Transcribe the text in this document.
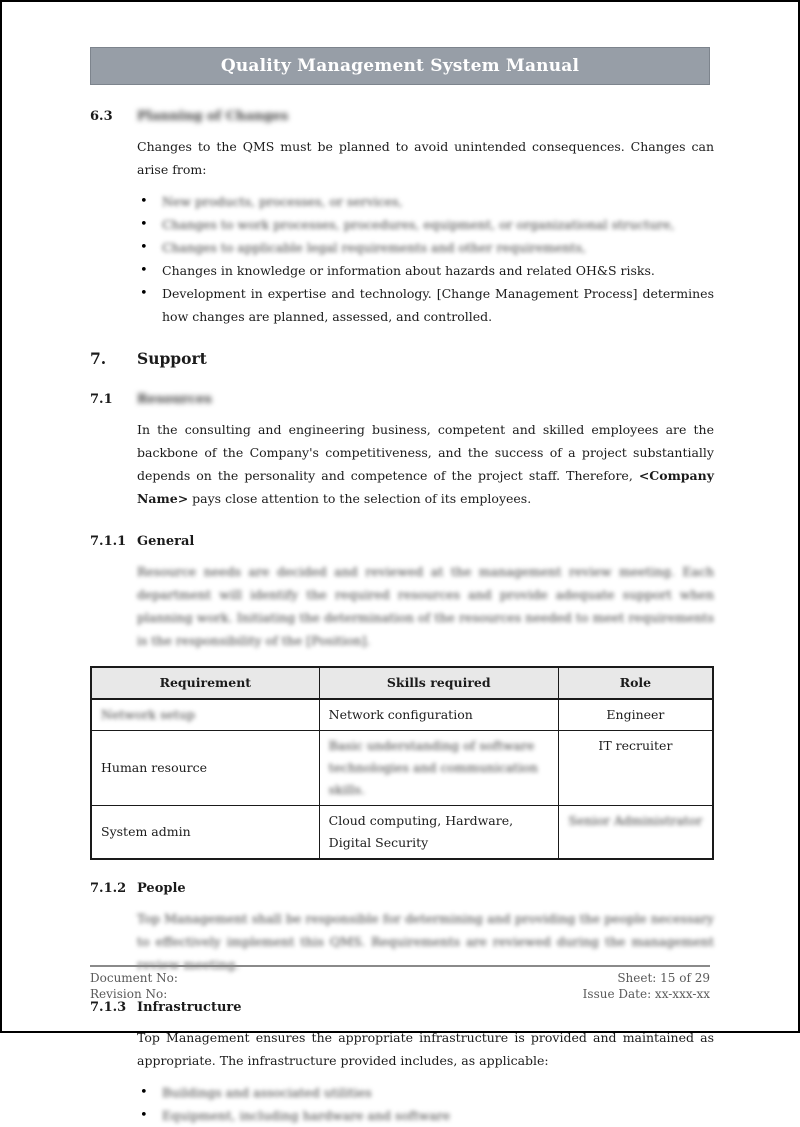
Quality Management System Manual
6.3	Planning of Changes

Changes to the QMS must be planned to avoid unintended consequences. Changes can arise from:

• New products, processes, or services,
• Changes to work processes, procedures, equipment, or organizational structure,
• Changes to applicable legal requirements and other requirements,
• Changes in knowledge or information about hazards and related OH&S risks.
• Development in expertise and technology. [Change Management Process] determines how changes are planned, assessed, and controlled.
7.	Support
7.1	Resources

In the consulting and engineering business, competent and skilled employees are the backbone of the Company's competitiveness, and the success of a project substantially depends on the personality and competence of the project staff. Therefore, <Company Name> pays close attention to the selection of its employees.

7.1.1 General

Resource needs are decided and reviewed at the management review meeting. Each department will identify the required resources and provide adequate support when planning work. Initiating the determination of the resources needed to meet requirements is the responsibility of the [Position].

Requirement	Skills required	Role
Network setup	Network configuration	Engineer
Human resource	Basic understanding of software technologies and communication skills.	IT recruiter
System admin	Cloud computing, Hardware, Digital Security	Senior Administrator
7.1.2 People

Top Management shall be responsible for determining and providing the people necessary to effectively implement this QMS. Requirements are reviewed during the management review meeting.

7.1.3 Infrastructure

Top Management ensures the appropriate infrastructure is provided and maintained as appropriate. The infrastructure provided includes, as applicable:

• Buildings and associated utilities
• Equipment, including hardware and software
Document No:
Revision No:
Sheet: 15 of 29
Issue Date: xx-xxx-xx
